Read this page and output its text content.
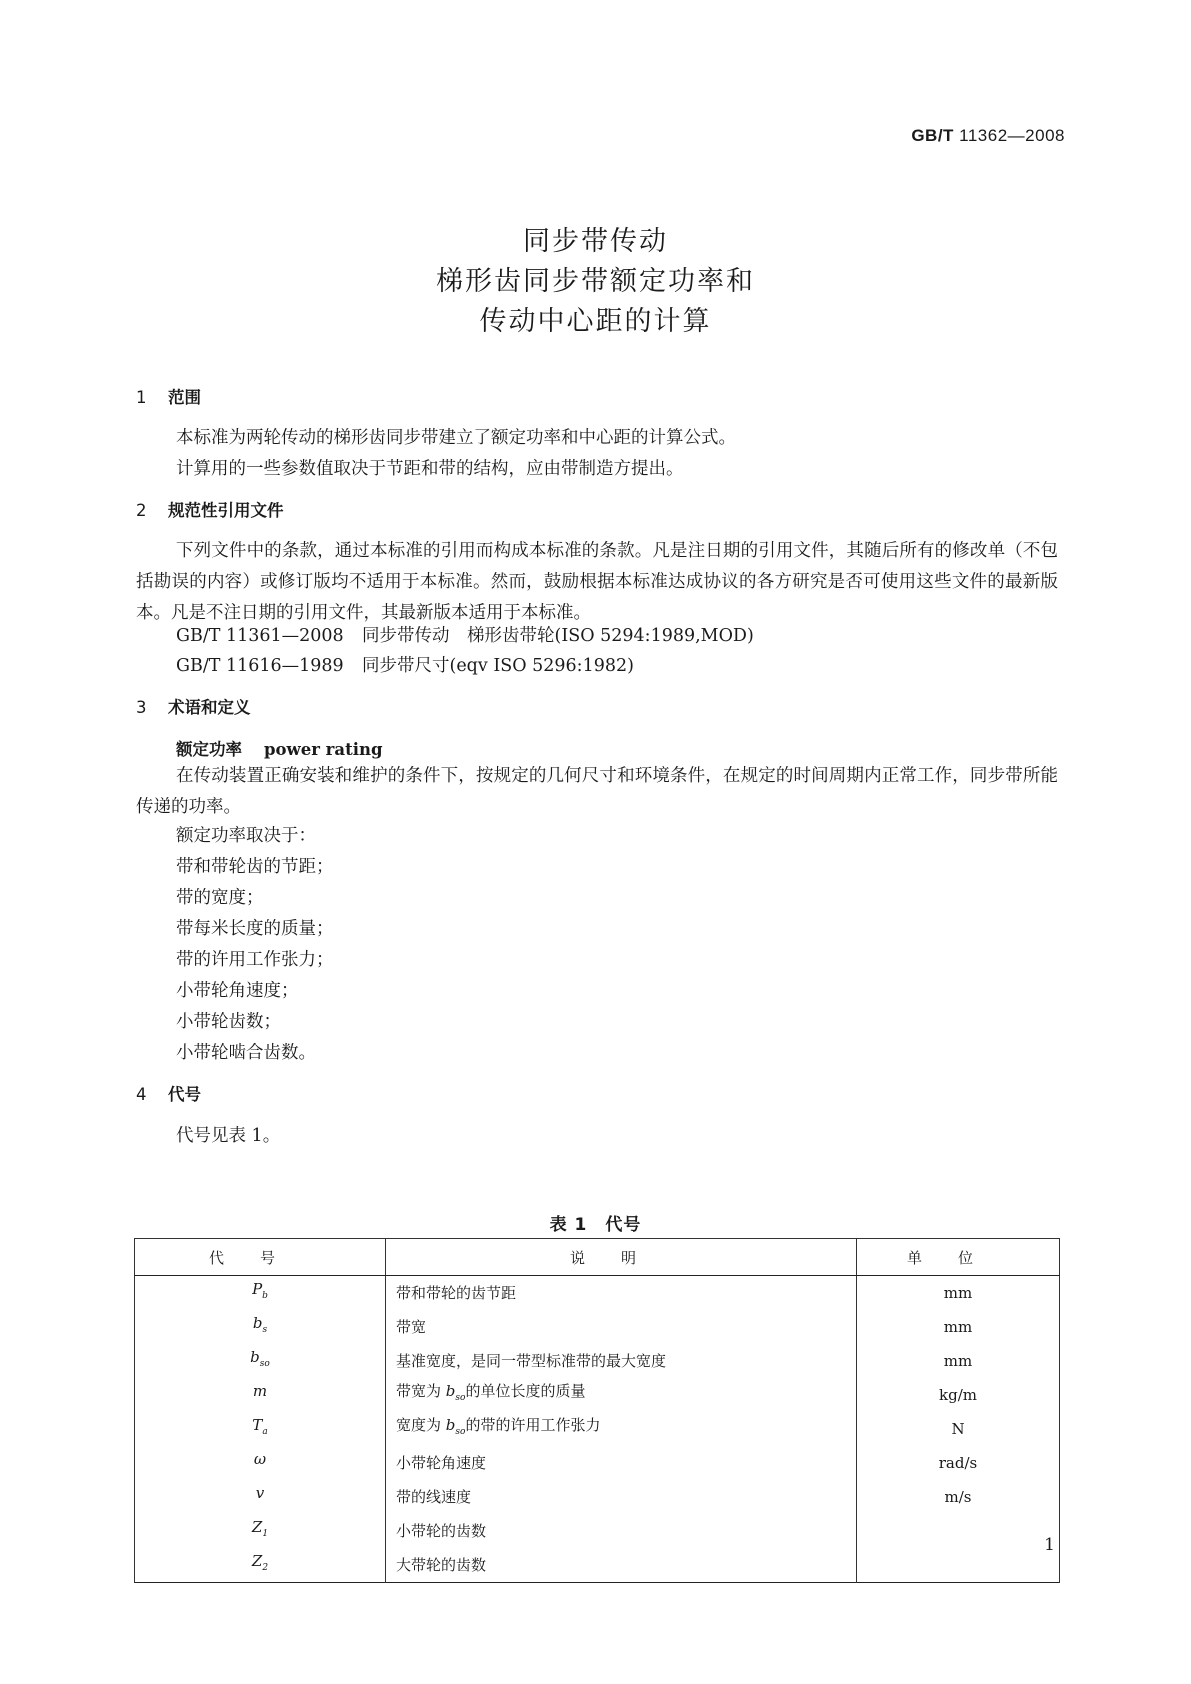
GB/T 11362—2008
同步带传动
梯形齿同步带额定功率和
传动中心距的计算
1 范围
本标准为两轮传动的梯形齿同步带建立了额定功率和中心距的计算公式。
计算用的一些参数值取决于节距和带的结构，应由带制造方提出。
2 规范性引用文件
下列文件中的条款，通过本标准的引用而构成本标准的条款。凡是注日期的引用文件，其随后所有的修改单（不包括勘误的内容）或修订版均不适用于本标准。然而，鼓励根据本标准达成协议的各方研究是否可使用这些文件的最新版本。凡是不注日期的引用文件，其最新版本适用于本标准。
GB/T 11361—2008 同步带传动　梯形齿带轮(ISO 5294:1989,MOD)
GB/T 11616—1989 同步带尺寸(eqv ISO 5296:1982)
3 术语和定义
额定功率 power rating
在传动装置正确安装和维护的条件下，按规定的几何尺寸和环境条件，在规定的时间周期内正常工作，同步带所能传递的功率。
额定功率取决于：
带和带轮齿的节距；
带的宽度；
带每米长度的质量；
带的许用工作张力；
小带轮角速度；
小带轮齿数；
小带轮啮合齿数。
4 代号
代号见表 1。
表 1　代号
代号	说明	单位
$P_b$	带和带轮的齿节距	mm
$b_s$	带宽	mm
$b_{so}$	基准宽度，是同一带型标准带的最大宽度	mm
m	带宽为 $b_{so}$的单位长度的质量	kg/m
$T_a$	宽度为 $b_{so}$的带的许用工作张力	N
ω	小带轮角速度	rad/s
v	带的线速度	m/s
$Z_1$	小带轮的齿数	
$Z_2$	大带轮的齿数	
1
